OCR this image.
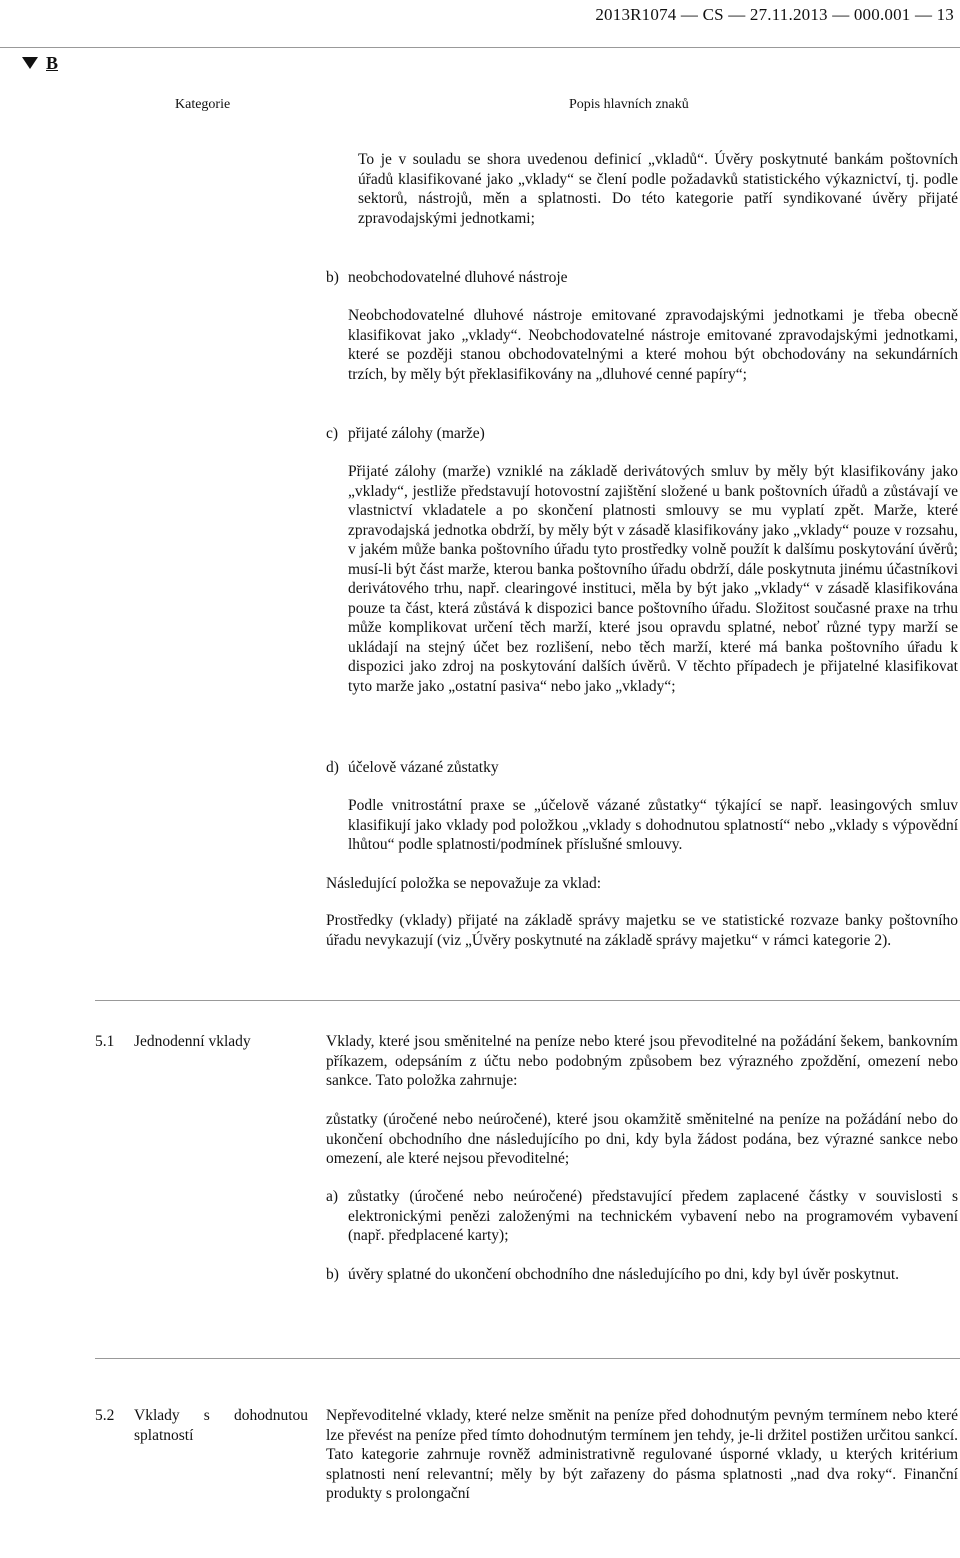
2013R1074 — CS — 27.11.2013 — 000.001 — 13
B
Kategorie	Popis hlavních znaků
To je v souladu se shora uvedenou definicí „vkladů“. Úvěry poskytnuté bankám poštovních úřadů klasifikované jako „vklady“ se člení podle požadavků statistického výkaznictví, tj. podle sektorů, nástrojů, měn a splatnosti. Do této kategorie patří syndikované úvěry přijaté zpravodajskými jednotkami;
b) neobchodovatelné dluhové nástroje
Neobchodovatelné dluhové nástroje emitované zpravodajskými jednotkami je třeba obecně klasifikovat jako „vklady“. Neobchodovatelné nástroje emitované zpravodajskými jednotkami, které se později stanou obchodovatelnými a které mohou být obchodovány na sekundárních trzích, by měly být překlasifikovány na „dluhové cenné papíry“;
c) přijaté zálohy (marže)
Přijaté zálohy (marže) vzniklé na základě derivátových smluv by měly být klasifikovány jako „vklady“, jestliže představují hotovostní zajištění složené u bank poštovních úřadů a zůstávají ve vlastnictví vkladatele a po skončení platnosti smlouvy se mu vyplatí zpět. Marže, které zpravodajská jednotka obdrží, by měly být v zásadě klasifikovány jako „vklady“ pouze v rozsahu, v jakém může banka poštovního úřadu tyto prostředky volně použít k dalšímu poskytování úvěrů; musí-li být část marže, kterou banka poštovního úřadu obdrží, dále poskytnuta jinému účastníkovi derivátového trhu, např. clearingové instituci, měla by být jako „vklady“ v zásadě klasifikována pouze ta část, která zůstává k dispozici bance poštovního úřadu. Složitost současné praxe na trhu může komplikovat určení těch marží, které jsou opravdu splatné, neboť různé typy marží se ukládají na stejný účet bez rozlišení, nebo těch marží, které má banka poštovního úřadu k dispozici jako zdroj na poskytování dalších úvěrů. V těchto případech je přijatelné klasifikovat tyto marže jako „ostatní pasiva“ nebo jako „vklady“;
d) účelově vázané zůstatky
Podle vnitrostátní praxe se „účelově vázané zůstatky“ týkající se např. leasingových smluv klasifikují jako vklady pod položkou „vklady s dohodnutou splatností“ nebo „vklady s výpovědní lhůtou“ podle splatnosti/podmínek příslušné smlouvy.
Následující položka se nepovažuje za vklad:
Prostředky (vklady) přijaté na základě správy majetku se ve statistické rozvaze banky poštovního úřadu nevykazují (viz „Úvěry poskytnuté na základě správy majetku“ v rámci kategorie 2).
5.1 Jednodenní vklady	Vklady, které jsou směnitelné na peníze nebo které jsou převoditelné na požádání šekem, bankovním příkazem, odepsáním z účtu nebo podobným způsobem bez výrazného zpoždění, omezení nebo sankce. Tato položka zahrnuje:
zůstatky (úročené nebo neúročené), které jsou okamžitě směnitelné na peníze na požádání nebo do ukončení obchodního dne následujícího po dni, kdy byla žádost podána, bez výrazné sankce nebo omezení, ale které nejsou převoditelné;
a) zůstatky (úročené nebo neúročené) představující předem zaplacené částky v souvislosti s elektronickými penězi založenými na technickém vybavení nebo na programovém vybavení (např. předplacené karty);
b) úvěry splatné do ukončení obchodního dne následujícího po dni, kdy byl úvěr poskytnut.
5.2 Vklady s dohodnutou splatností
Nepřevoditelné vklady, které nelze směnit na peníze před dohodnutým pevným termínem nebo které lze převést na peníze před tímto dohodnutým termínem jen tehdy, je-li držitel postižen určitou sankcí. Tato kategorie zahrnuje rovněž administrativně regulované úsporné vklady, u kterých kritérium splatnosti není relevantní; měly by být zařazeny do pásma splatnosti „nad dva roky“. Finanční produkty s prolongační
